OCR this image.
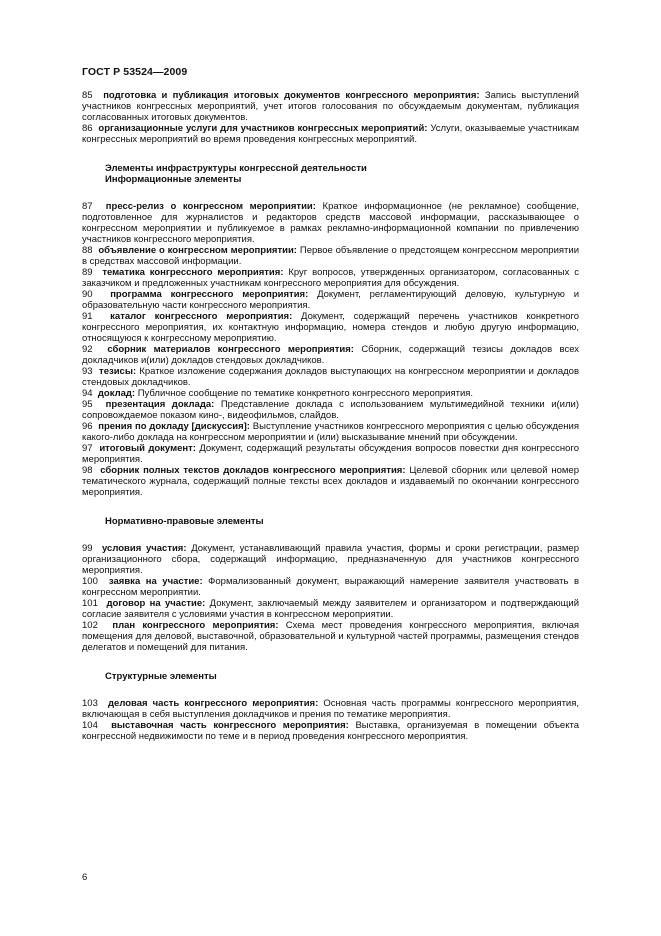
ГОСТ Р 53524—2009

85 подготовка и публикация итоговых документов конгрессного мероприятия: Запись выступлений участников конгрессных мероприятий, учет итогов голосования по обсуждаемым документам, публикация согласованных итоговых документов.

86 организационные услуги для участников конгрессных мероприятий: Услуги, оказываемые участникам конгрессных мероприятий во время проведения конгрессных мероприятий.

Элементы инфраструктуры конгрессной деятельности
Информационные элементы

87 пресс-релиз о конгрессном мероприятии: Краткое информационное (не рекламное) сообщение, подготовленное для журналистов и редакторов средств массовой информации, рассказывающее о конгрессном мероприятии и публикуемое в рамках рекламно-информационной компании по привлечению участников конгрессного мероприятия.

88 объявление о конгрессном мероприятии: Первое объявление о предстоящем конгрессном мероприятии в средствах массовой информации.

89 тематика конгрессного мероприятия: Круг вопросов, утвержденных организатором, согласованных с заказчиком и предложенных участникам конгрессного мероприятия для обсуждения.

90 программа конгрессного мероприятия: Документ, регламентирующий деловую, культурную и образовательную части конгрессного мероприятия.

91 каталог конгрессного мероприятия: Документ, содержащий перечень участников конкретного конгрессного мероприятия, их контактную информацию, номера стендов и любую другую информацию, относящуюся к конгрессному мероприятию.

92 сборник материалов конгрессного мероприятия: Сборник, содержащий тезисы докладов всех докладчиков и(или) докладов стендовых докладчиков.

93 тезисы: Краткое изложение содержания докладов выступающих на конгрессном мероприятии и докладов стендовых докладчиков.

94 доклад: Публичное сообщение по тематике конкретного конгрессного мероприятия.

95 презентация доклада: Представление доклада с использованием мультимедийной техники и(или) сопровождаемое показом кино-, видеофильмов, слайдов.

96 прения по докладу [дискуссия]: Выступление участников конгрессного мероприятия с целью обсуждения какого-либо доклада на конгрессном мероприятии и (или) высказывание мнений при обсуждении.

97 итоговый документ: Документ, содержащий результаты обсуждения вопросов повестки дня конгрессного мероприятия.

98 сборник полных текстов докладов конгрессного мероприятия: Целевой сборник или целевой номер тематического журнала, содержащий полные тексты всех докладов и издаваемый по окончании конгрессного мероприятия.

Нормативно-правовые элементы

99 условия участия: Документ, устанавливающий правила участия, формы и сроки регистрации, размер организационного сбора, содержащий информацию, предназначенную для участников конгрессного мероприятия.

100 заявка на участие: Формализованный документ, выражающий намерение заявителя участвовать в конгрессном мероприятии.

101 договор на участие: Документ, заключаемый между заявителем и организатором и подтверждающий согласие заявителя с условиями участия в конгрессном мероприятии.

102 план конгрессного мероприятия: Схема мест проведения конгрессного мероприятия, включая помещения для деловой, выставочной, образовательной и культурной частей программы, размещения стендов делегатов и помещений для питания.

Структурные элементы

103 деловая часть конгрессного мероприятия: Основная часть программы конгрессного мероприятия, включающая в себя выступления докладчиков и прения по тематике мероприятия.

104 выставочная часть конгрессного мероприятия: Выставка, организуемая в помещении объекта конгрессной недвижимости по теме и в период проведения конгрессного мероприятия.

6
